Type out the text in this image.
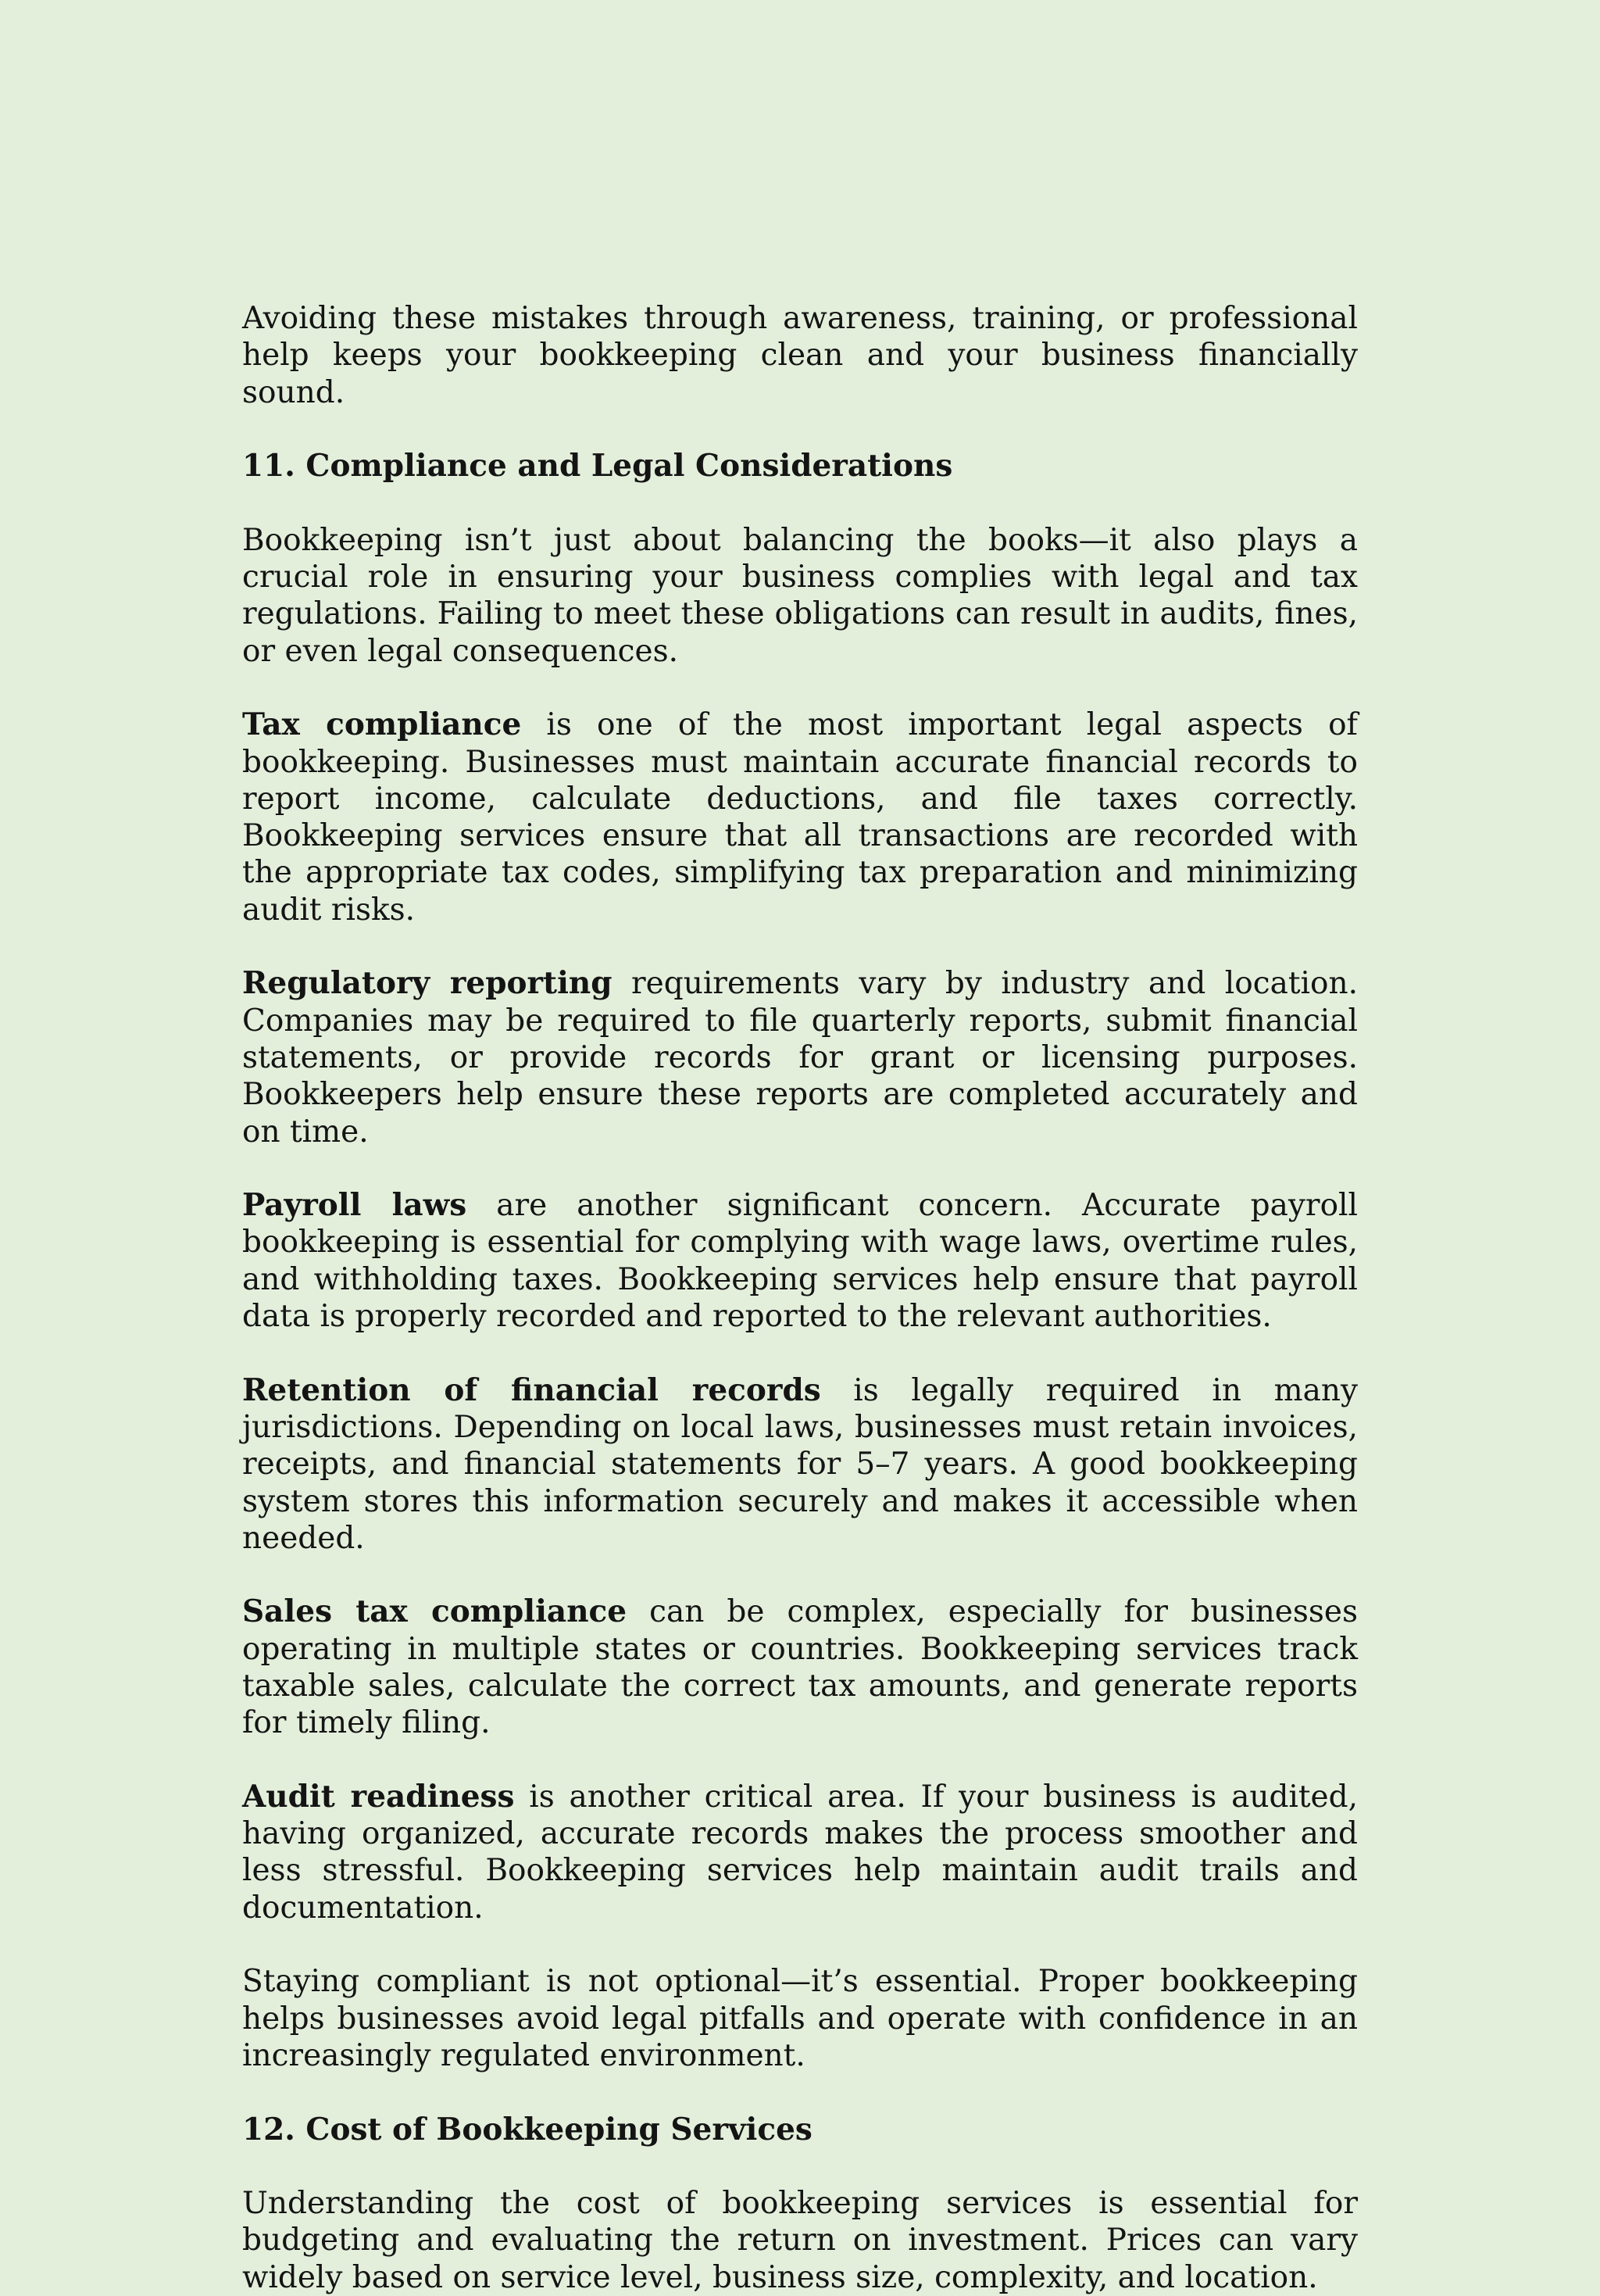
Avoiding these mistakes through awareness, training, or professional help keeps your bookkeeping clean and your business financially sound.

11. Compliance and Legal Considerations

Bookkeeping isn’t just about balancing the books—it also plays a crucial role in ensuring your business complies with legal and tax regulations. Failing to meet these obligations can result in audits, fines, or even legal consequences.

Tax compliance is one of the most important legal aspects of bookkeeping. Businesses must maintain accurate financial records to report income, calculate deductions, and file taxes correctly. Bookkeeping services ensure that all transactions are recorded with the appropriate tax codes, simplifying tax preparation and minimizing audit risks.

Regulatory reporting requirements vary by industry and location. Companies may be required to file quarterly reports, submit financial statements, or provide records for grant or licensing purposes. Bookkeepers help ensure these reports are completed accurately and on time.

Payroll laws are another significant concern. Accurate payroll bookkeeping is essential for complying with wage laws, overtime rules, and withholding taxes. Bookkeeping services help ensure that payroll data is properly recorded and reported to the relevant authorities.

Retention of financial records is legally required in many jurisdictions. Depending on local laws, businesses must retain invoices, receipts, and financial statements for 5–7 years. A good bookkeeping system stores this information securely and makes it accessible when needed.

Sales tax compliance can be complex, especially for businesses operating in multiple states or countries. Bookkeeping services track taxable sales, calculate the correct tax amounts, and generate reports for timely filing.

Audit readiness is another critical area. If your business is audited, having organized, accurate records makes the process smoother and less stressful. Bookkeeping services help maintain audit trails and documentation.

Staying compliant is not optional—it’s essential. Proper bookkeeping helps businesses avoid legal pitfalls and operate with confidence in an increasingly regulated environment.

12. Cost of Bookkeeping Services

Understanding the cost of bookkeeping services is essential for budgeting and evaluating the return on investment. Prices can vary widely based on service level, business size, complexity, and location.
